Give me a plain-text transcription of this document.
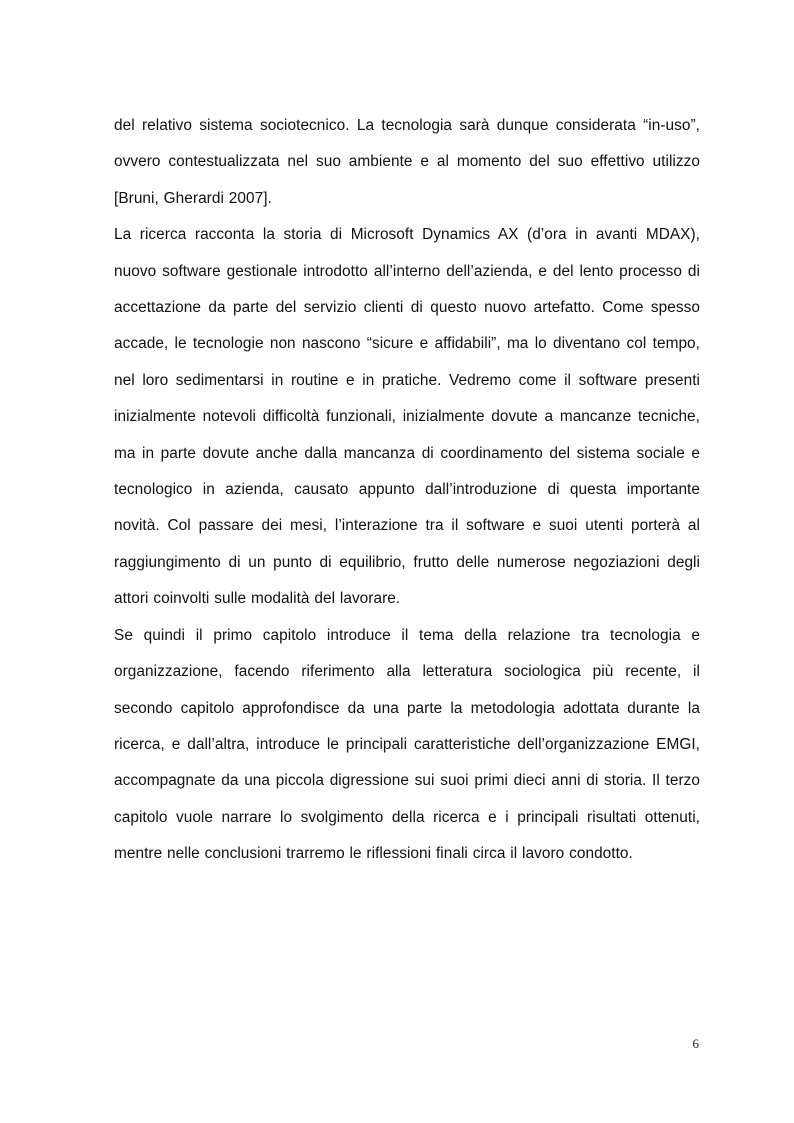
del relativo sistema sociotecnico. La tecnologia sarà dunque considerata “in-uso”, ovvero contestualizzata nel suo ambiente e al momento del suo effettivo utilizzo [Bruni, Gherardi 2007].

La ricerca racconta la storia di Microsoft Dynamics AX (d’ora in avanti MDAX), nuovo software gestionale introdotto all’interno dell’azienda, e del lento processo di accettazione da parte del servizio clienti di questo nuovo artefatto. Come spesso accade, le tecnologie non nascono “sicure e affidabili”, ma lo diventano col tempo, nel loro sedimentarsi in routine e in pratiche. Vedremo come il software presenti inizialmente notevoli difficoltà funzionali, inizialmente dovute a mancanze tecniche, ma in parte dovute anche dalla mancanza di coordinamento del sistema sociale e tecnologico in azienda, causato appunto dall’introduzione di questa importante novità. Col passare dei mesi, l’interazione tra il software e suoi utenti porterà al raggiungimento di un punto di equilibrio, frutto delle numerose negoziazioni degli attori coinvolti sulle modalità del lavorare.

Se quindi il primo capitolo introduce il tema della relazione tra tecnologia e organizzazione, facendo riferimento alla letteratura sociologica più recente, il secondo capitolo approfondisce da una parte la metodologia adottata durante la ricerca, e dall’altra, introduce le principali caratteristiche dell’organizzazione EMGI, accompagnate da una piccola digressione sui suoi primi dieci anni di storia. Il terzo capitolo vuole narrare lo svolgimento della ricerca e i principali risultati ottenuti, mentre nelle conclusioni trarremo le riflessioni finali circa il lavoro condotto.

6
